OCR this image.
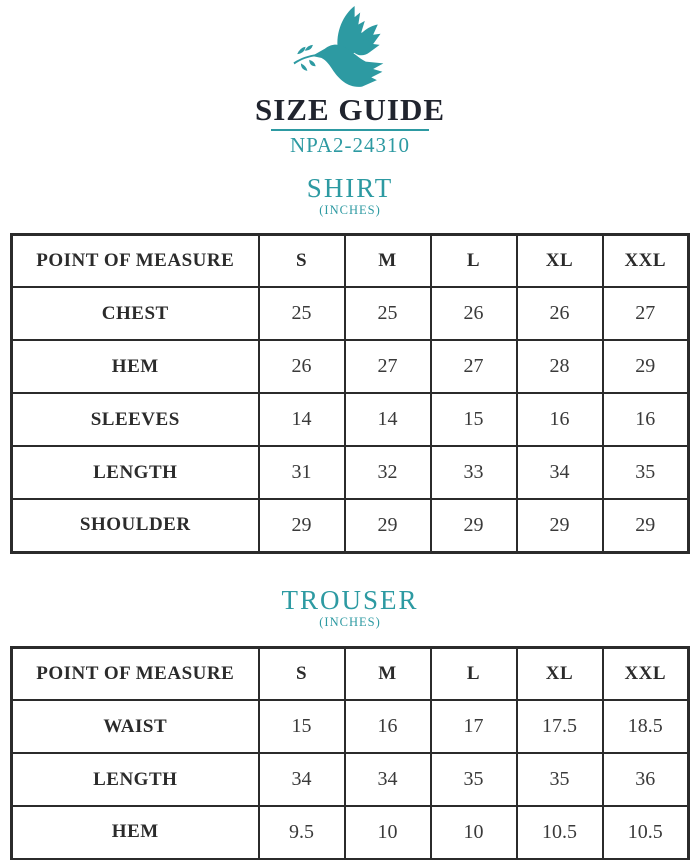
SIZE GUIDE
NPA2-24310
SHIRT
(INCHES)
POINT OF MEASURE	S	M	L	XL	XXL
CHEST	25	25	26	26	27
HEM	26	27	27	28	29
SLEEVES	14	14	15	16	16
LENGTH	31	32	33	34	35
SHOULDER	29	29	29	29	29
TROUSER
(INCHES)
POINT OF MEASURE	S	M	L	XL	XXL
WAIST	15	16	17	17.5	18.5
LENGTH	34	34	35	35	36
HEM	9.5	10	10	10.5	10.5
